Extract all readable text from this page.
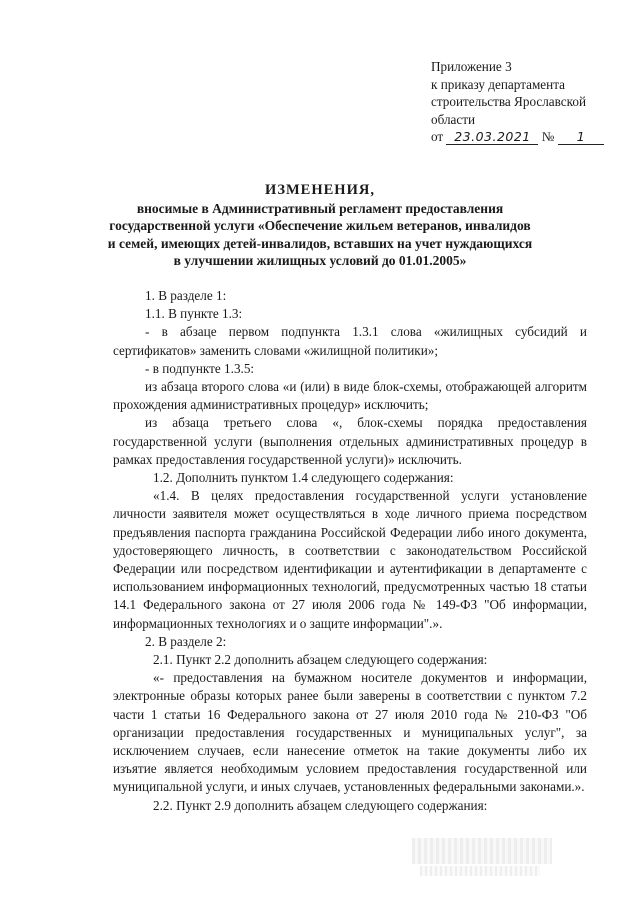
Приложение 3
к приказу департамента
строительства Ярославской
области
от 23.03.2021 № 1
ИЗМЕНЕНИЯ,
вносимые в Административный регламент предоставления
государственной услуги «Обеспечение жильем ветеранов, инвалидов
и семей, имеющих детей-инвалидов, вставших на учет нуждающихся
в улучшении жилищных условий до 01.01.2005»

1. В разделе 1:

1.1. В пункте 1.3:

- в абзаце первом подпункта 1.3.1 слова «жилищных субсидий и сертификатов» заменить словами «жилищной политики»;

- в подпункте 1.3.5:

из абзаца второго слова «и (или) в виде блок-схемы, отображающей алгоритм прохождения административных процедур» исключить;

из абзаца третьего слова «, блок-схемы порядка предоставления государственной услуги (выполнения отдельных административных процедур в рамках предоставления государственной услуги)» исключить.

1.2. Дополнить пунктом 1.4 следующего содержания:

«1.4. В целях предоставления государственной услуги установление личности заявителя может осуществляться в ходе личного приема посредством предъявления паспорта гражданина Российской Федерации либо иного документа, удостоверяющего личность, в соответствии с законодательством Российской Федерации или посредством идентификации и аутентификации в департаменте с использованием информационных технологий, предусмотренных частью 18 статьи 14.1 Федерального закона от 27 июля 2006 года № 149-ФЗ "Об информации, информационных технологиях и о защите информации".».

2. В разделе 2:

2.1. Пункт 2.2 дополнить абзацем следующего содержания:

«- предоставления на бумажном носителе документов и информации, электронные образы которых ранее были заверены в соответствии с пунктом 7.2 части 1 статьи 16 Федерального закона от 27 июля 2010 года № 210-ФЗ "Об организации предоставления государственных и муниципальных услуг", за исключением случаев, если нанесение отметок на такие документы либо их изъятие является необходимым условием предоставления государственной или муниципальной услуги, и иных случаев, установленных федеральными законами.».

2.2. Пункт 2.9 дополнить абзацем следующего содержания:
